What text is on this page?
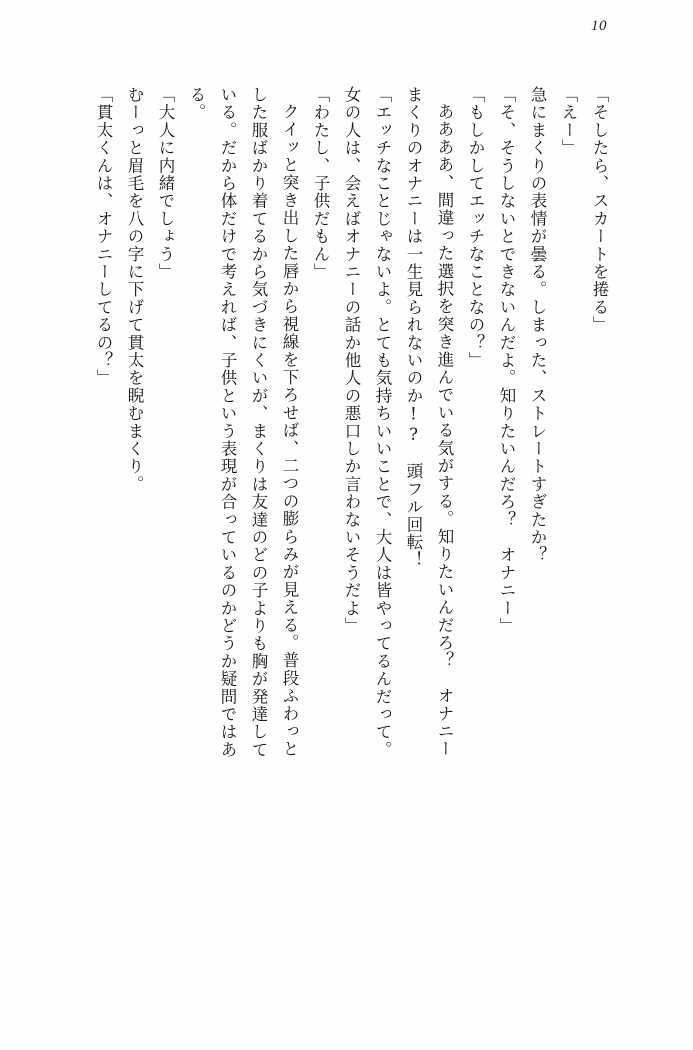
10

「そしたら、スカートを捲る」

「えー」

急にまくりの表情が曇る。しまった、ストレートすぎたか？

「そ、そうしないとできないんだよ。知りたいんだろ？　オナニー」

「もしかしてエッチなことなの？」

ああああ、間違った選択を突き進んでいる気がする。知りたいんだろ？　オナニー

まくりのオナニーは一生見られないのか!?　頭フル回転！

「エッチなことじゃないよ。とても気持ちいいことで、大人は皆やってるんだって。

女の人は、会えばオナニーの話か他人の悪口しか言わないそうだよ」

「わたし、子供だもん」

クイッと突き出した唇から視線を下ろせば、二つの膨らみが見える。普段ふわっと

した服ばかり着てるから気づきにくいが、まくりは友達のどの子よりも胸が発達して

いる。だから体だけで考えれば、子供という表現が合っているのかどうか疑問ではあ

る。

「大人に内緒でしょう」

むーっと眉毛を八の字に下げて貫太を睨むまくり。

「貫太くんは、オナニーしてるの？」
